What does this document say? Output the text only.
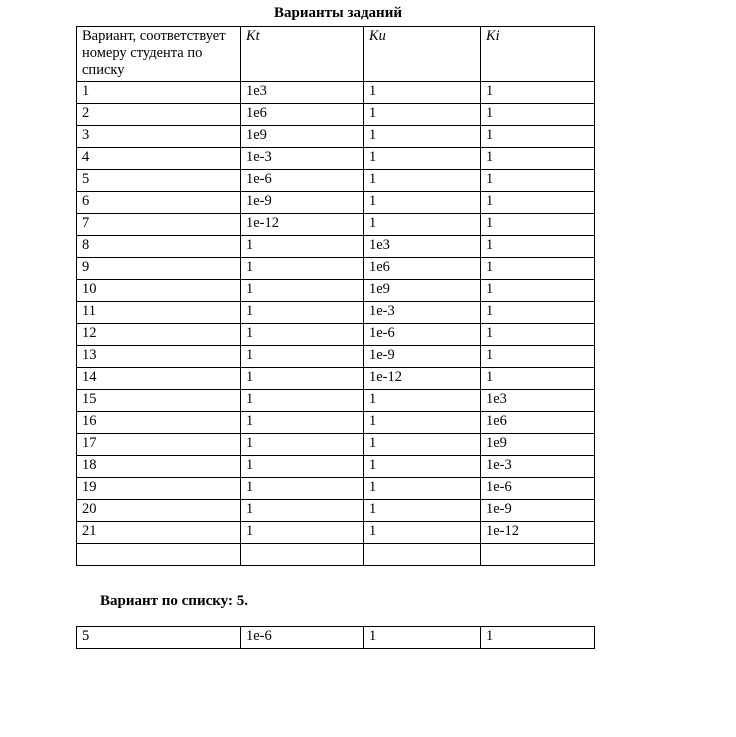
Варианты заданий
Вариант, соответствует номеру студента по списку	Kt	Kи	Ki
1	1e3	1	1
2	1e6	1	1
3	1e9	1	1
4	1e-3	1	1
5	1e-6	1	1
6	1e-9	1	1
7	1e-12	1	1
8	1	1e3	1
9	1	1e6	1
10	1	1e9	1
11	1	1e-3	1
12	1	1e-6	1
13	1	1e-9	1
14	1	1e-12	1
15	1	1	1e3
16	1	1	1e6
17	1	1	1e9
18	1	1	1e-3
19	1	1	1e-6
20	1	1	1e-9
21	1	1	1e-12

Вариант по списку: 5.
5	1e-6	1	1
